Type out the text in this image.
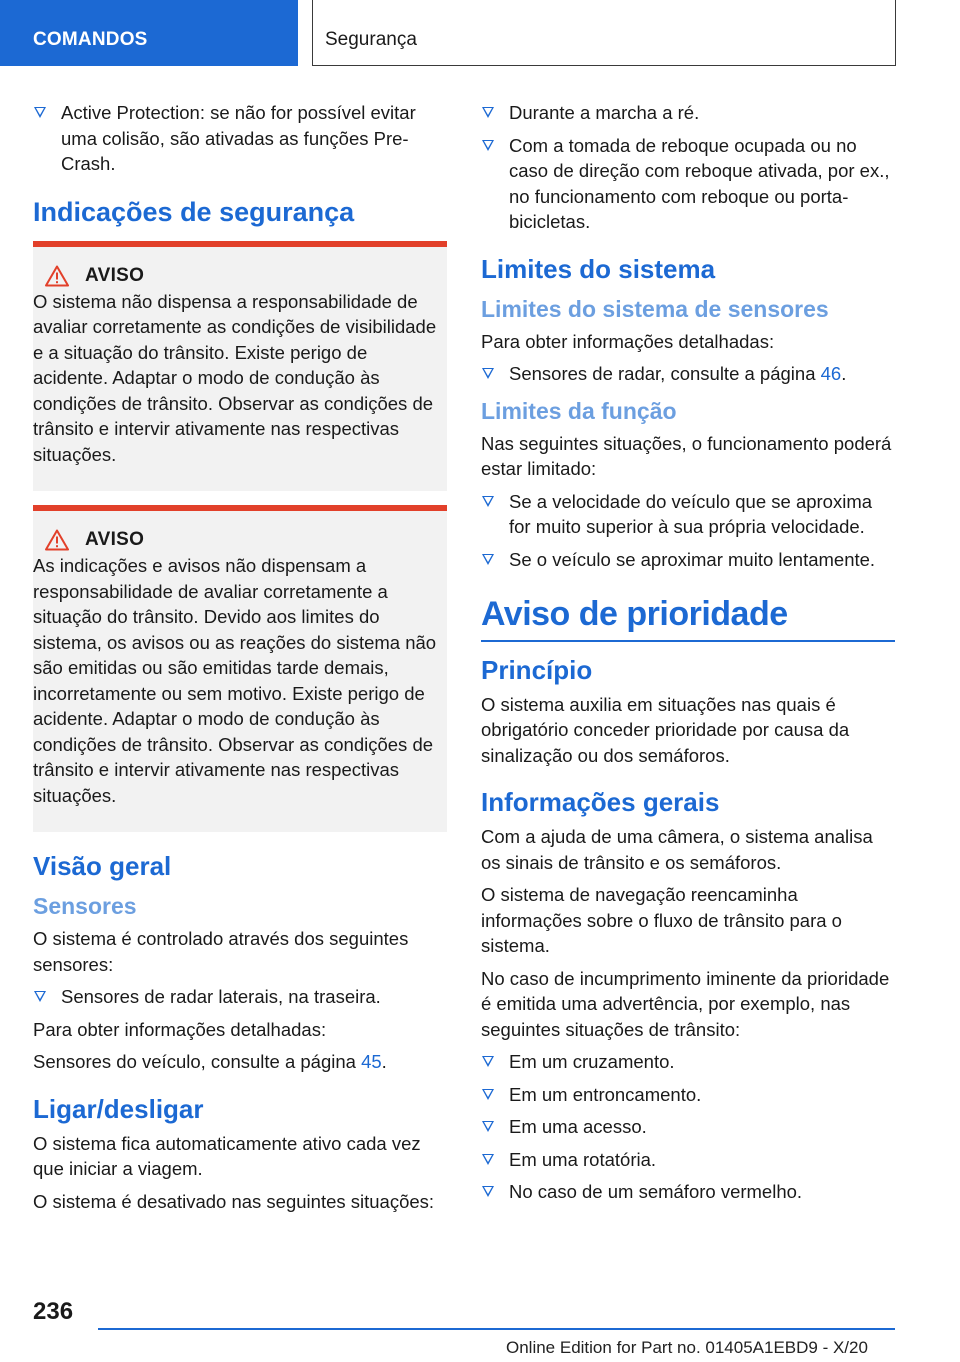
COMANDOS	Segurança
Active Protection: se não for possível evitar uma colisão, são ativadas as funções Pre-Crash.
Indicações de segurança
AVISO

O sistema não dispensa a responsabilidade de avaliar corretamente as condições de visibilidade e a situação do trânsito. Existe perigo de acidente. Adaptar o modo de condução às condições de trânsito. Observar as condições de trânsito e intervir ativamente nas respectivas situações.

AVISO

As indicações e avisos não dispensam a responsabilidade de avaliar corretamente a situação do trânsito. Devido aos limites do sistema, os avisos ou as reações do sistema não são emitidas ou são emitidas tarde demais, incorretamente ou sem motivo. Existe perigo de acidente. Adaptar o modo de condução às condições de trânsito. Observar as condições de trânsito e intervir ativamente nas respectivas situações.

Visão geral
Sensores

O sistema é controlado através dos seguintes sensores:

Sensores de radar laterais, na traseira.

Para obter informações detalhadas:

Sensores do veículo, consulte a página 45.

Ligar/desligar

O sistema fica automaticamente ativo cada vez que iniciar a viagem.

O sistema é desativado nas seguintes situações:

Durante a marcha a ré.
Com a tomada de reboque ocupada ou no caso de direção com reboque ativada, por ex., no funcionamento com reboque ou porta-bicicletas.
Limites do sistema
Limites do sistema de sensores

Para obter informações detalhadas:

Sensores de radar, consulte a página 46.
Limites da função

Nas seguintes situações, o funcionamento poderá estar limitado:

Se a velocidade do veículo que se aproxima for muito superior à sua própria velocidade.
Se o veículo se aproximar muito lentamente.
Aviso de prioridade
Princípio

O sistema auxilia em situações nas quais é obrigatório conceder prioridade por causa da sinalização ou dos semáforos.

Informações gerais

Com a ajuda de uma câmera, o sistema analisa os sinais de trânsito e os semáforos.

O sistema de navegação reencaminha informações sobre o fluxo de trânsito para o sistema.

No caso de incumprimento iminente da prioridade é emitida uma advertência, por exemplo, nas seguintes situações de trânsito:

Em um cruzamento.
Em um entroncamento.
Em uma acesso.
Em uma rotatória.
No caso de um semáforo vermelho.
236
Online Edition for Part no. 01405A1EBD9 - X/20
